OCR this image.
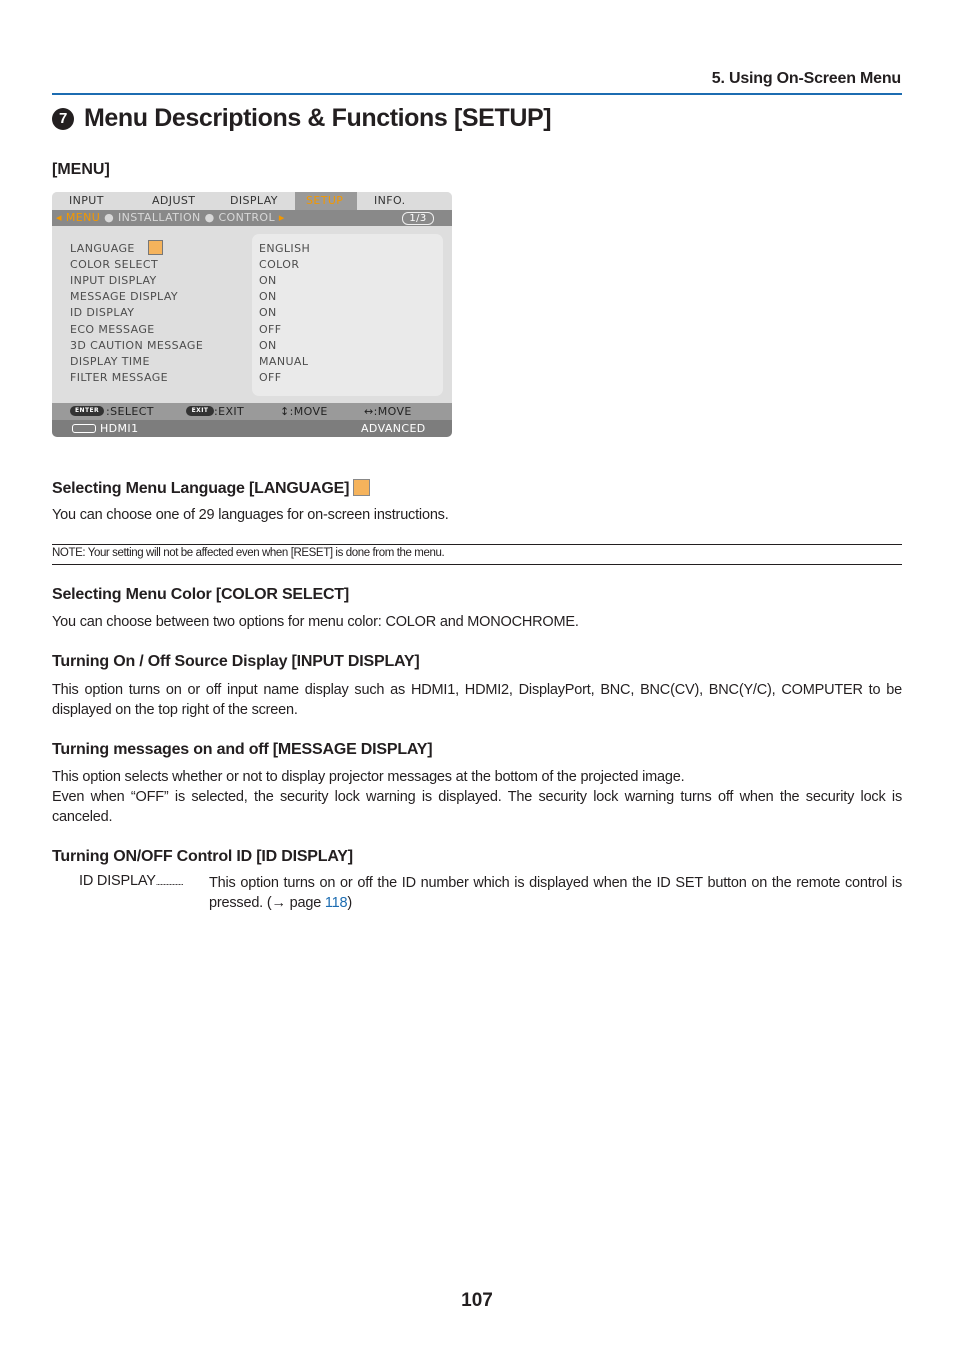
5. Using On-Screen Menu
7 Menu Descriptions & Functions [SETUP]
[MENU]
INPUT	ADJUST	DISPLAY	SETUP	INFO.
◂ MENU ● INSTALLATION ● CONTROL ▸	1/3
LANGUAGE	ENGLISH
COLOR SELECT	COLOR
INPUT DISPLAY	ON
MESSAGE DISPLAY	ON
ID DISPLAY	ON
ECO MESSAGE	OFF
3D CAUTION MESSAGE	ON
DISPLAY TIME	MANUAL
FILTER MESSAGE	OFF
ENTER :SELECT	EXIT :EXIT	↕:MOVE	↔:MOVE
HDMI1	ADVANCED
Selecting Menu Language [LANGUAGE]
You can choose one of 29 languages for on-screen instructions.
NOTE: Your setting will not be affected even when [RESET] is done from the menu.
Selecting Menu Color [COLOR SELECT]
You can choose between two options for menu color: COLOR and MONOCHROME.
Turning On / Off Source Display [INPUT DISPLAY]
This option turns on or off input name display such as HDMI1, HDMI2, DisplayPort, BNC, BNC(CV), BNC(Y/C), COMPUTER to be displayed on the top right of the screen.
Turning messages on and off [MESSAGE DISPLAY]
This option selects whether or not to display projector messages at the bottom of the projected image.
Even when “OFF” is selected, the security lock warning is displayed. The security lock warning turns off when the security lock is canceled.
Turning ON/OFF Control ID [ID DISPLAY]
ID DISPLAY.................. This option turns on or off the ID number which is displayed when the ID SET button on the remote control is pressed. (→ page 118)
107
